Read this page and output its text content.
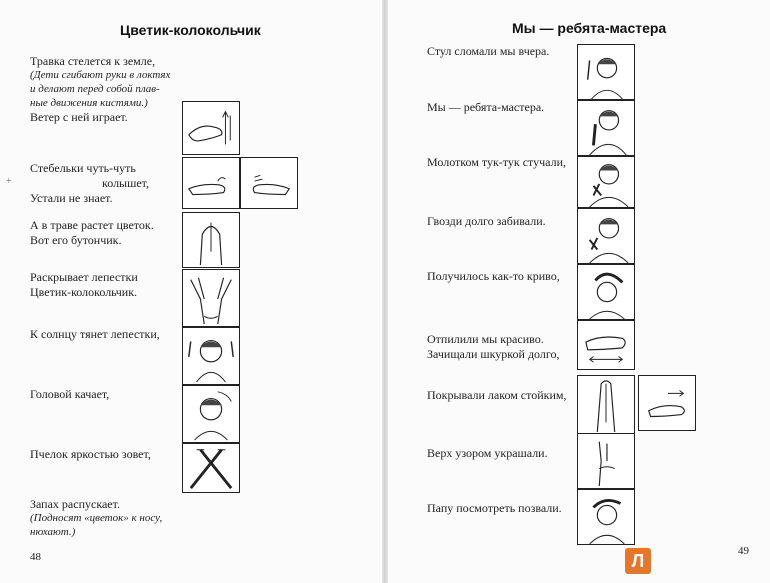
+
Цветик-колокольчик
Травка стелется к земле,
(Дети сгибают руки в локтях
и делают перед собой плав-
ные движения кистями.)
Ветер с ней играет.
Стебельки чуть-чуть
колышет,
Устали не знает.
А в траве растет цветок.
Вот его бутончик.
Раскрывает лепестки
Цветик-колокольчик.
К солнцу тянет лепестки,
Головой качает,
Пчелок яркостью зовет,
Запах распускает.
(Подносят «цветок» к носу,
нюхают.)
48
Мы — ребята-мастера
Стул сломали мы вчера.
Мы — ребята-мастера.
Молотком тук-тук стучали,
Гвозди долго забивали.
Получилось как-то криво,
Отпилили мы красиво.
Зачищали шкуркой долго,
Покрывали лаком стойким,
Верх узором украшали.
Папу посмотреть позвали.
49
Л
